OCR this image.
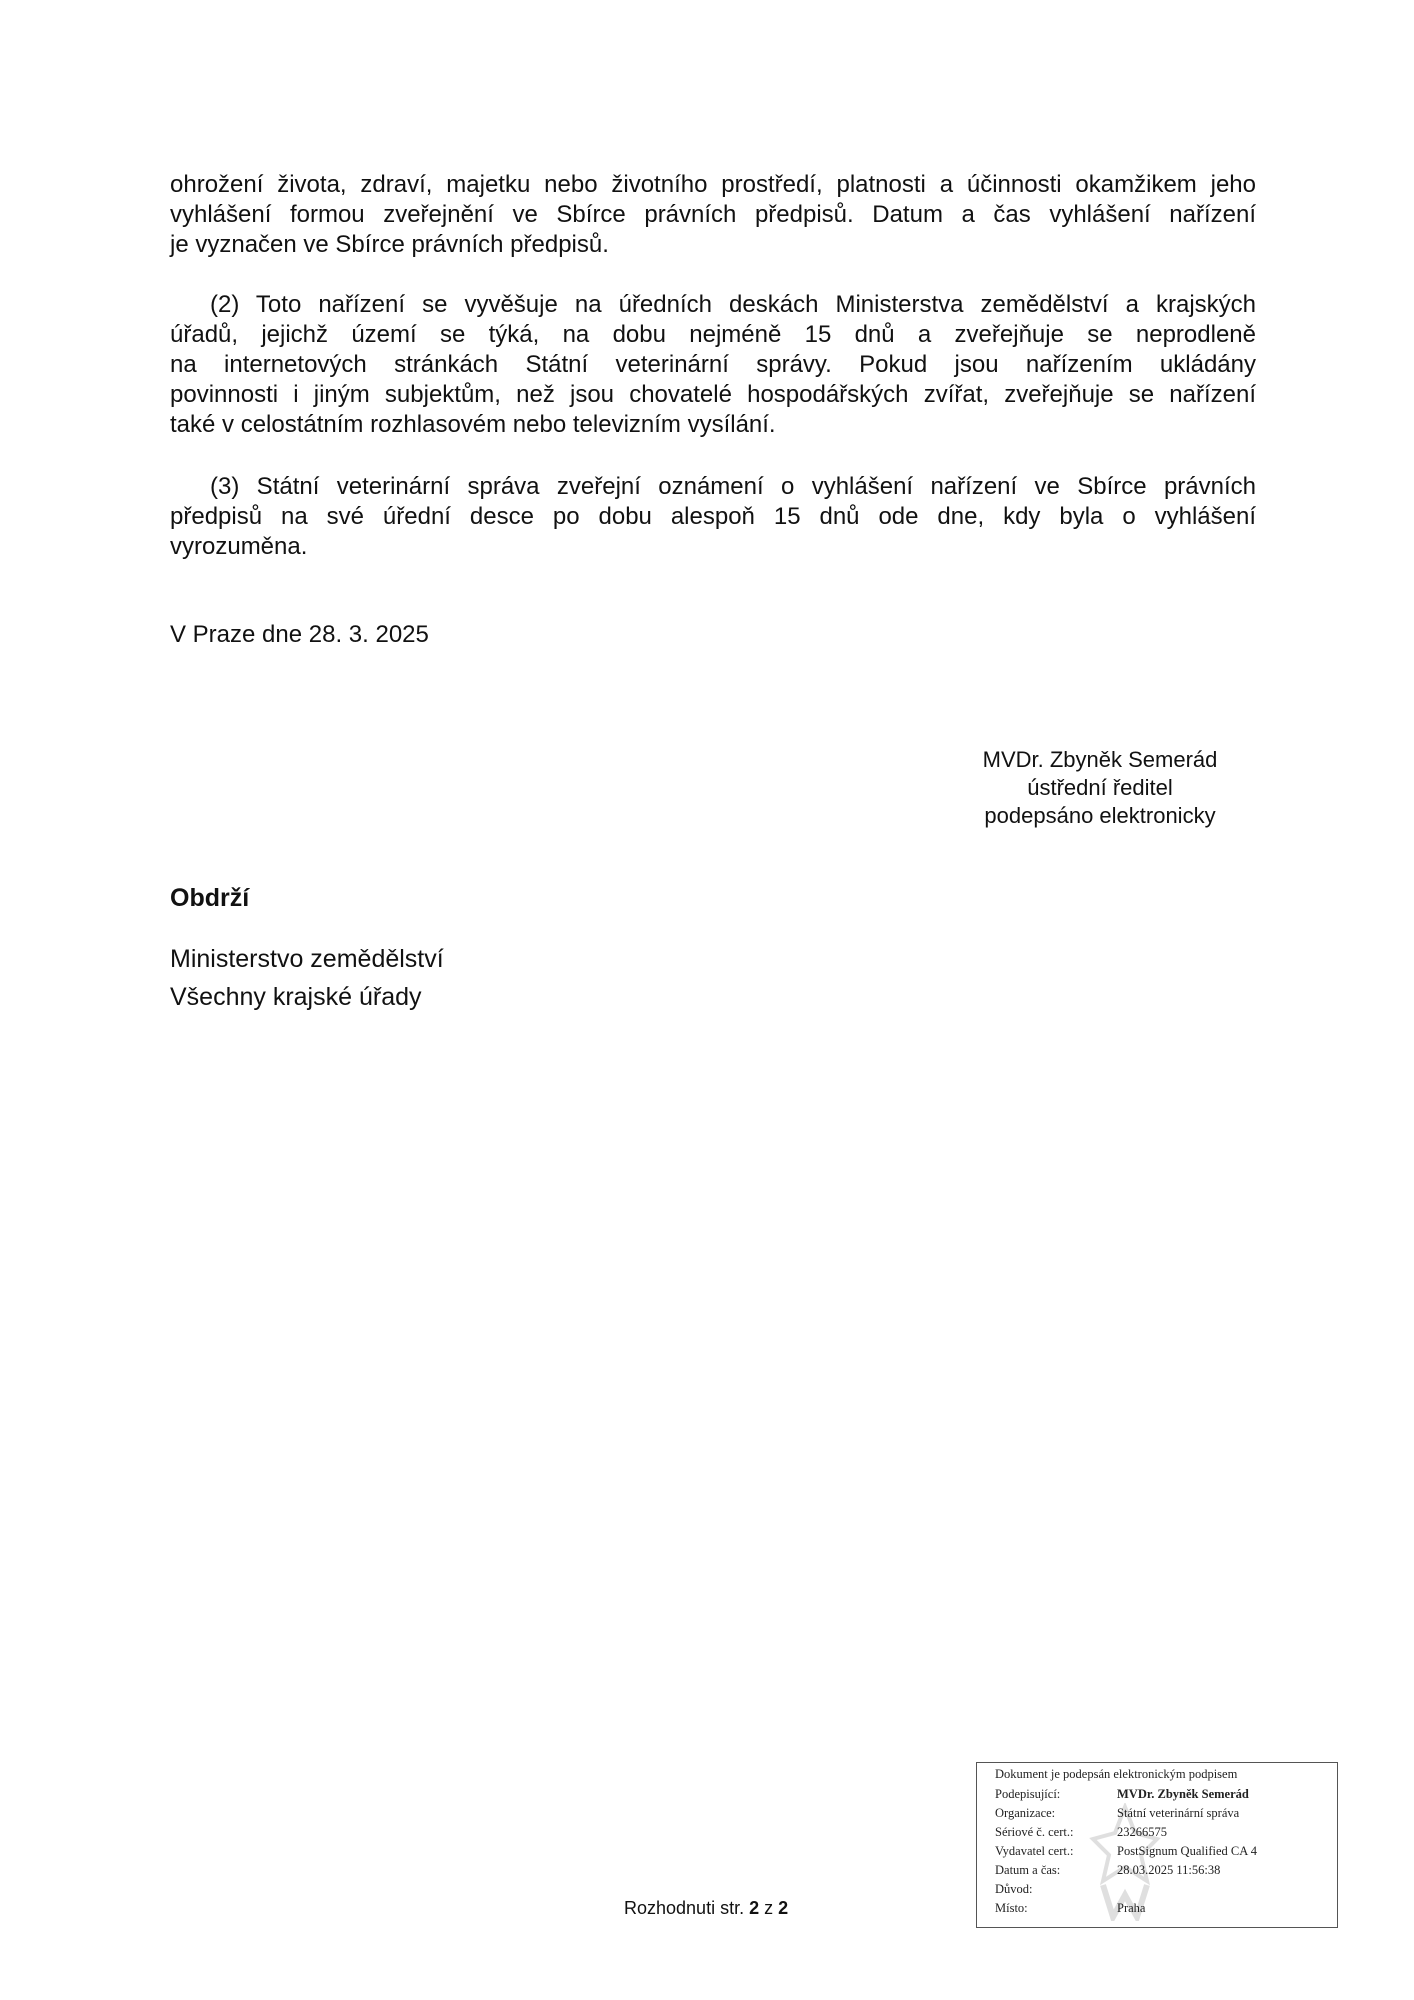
ohrožení života, zdraví, majetku nebo životního prostředí, platnosti a účinnosti okamžikem jeho
vyhlášení formou zveřejnění ve Sbírce právních předpisů. Datum a čas vyhlášení nařízení
je vyznačen ve Sbírce právních předpisů.
(2) Toto nařízení se vyvěšuje na úředních deskách Ministerstva zemědělství a krajských
úřadů, jejichž území se týká, na dobu nejméně 15 dnů a zveřejňuje se neprodleně
na internetových stránkách Státní veterinární správy. Pokud jsou nařízením ukládány
povinnosti i jiným subjektům, než jsou chovatelé hospodářských zvířat, zveřejňuje se nařízení
také v celostátním rozhlasovém nebo televizním vysílání.
(3) Státní veterinární správa zveřejní oznámení o vyhlášení nařízení ve Sbírce právních
předpisů na své úřední desce po dobu alespoň 15 dnů ode dne, kdy byla o vyhlášení
vyrozuměna.

V Praze dne 28. 3. 2025

MVDr. Zbyněk Semerád
ústřední ředitel
podepsáno elektronicky
Obdrží
Ministerstvo zemědělství
Všechny krajské úřady
Rozhodnuti str. 2 z 2
Dokument je podepsán elektronickým podpisem
Podepisující:	MVDr. Zbyněk Semerád
Organizace:	Státní veterinární správa
Sériové č. cert.:	23266575
Vydavatel cert.:	PostSignum Qualified CA 4
Datum a čas:	28.03.2025 11:56:38
Důvod:
Místo:	Praha
